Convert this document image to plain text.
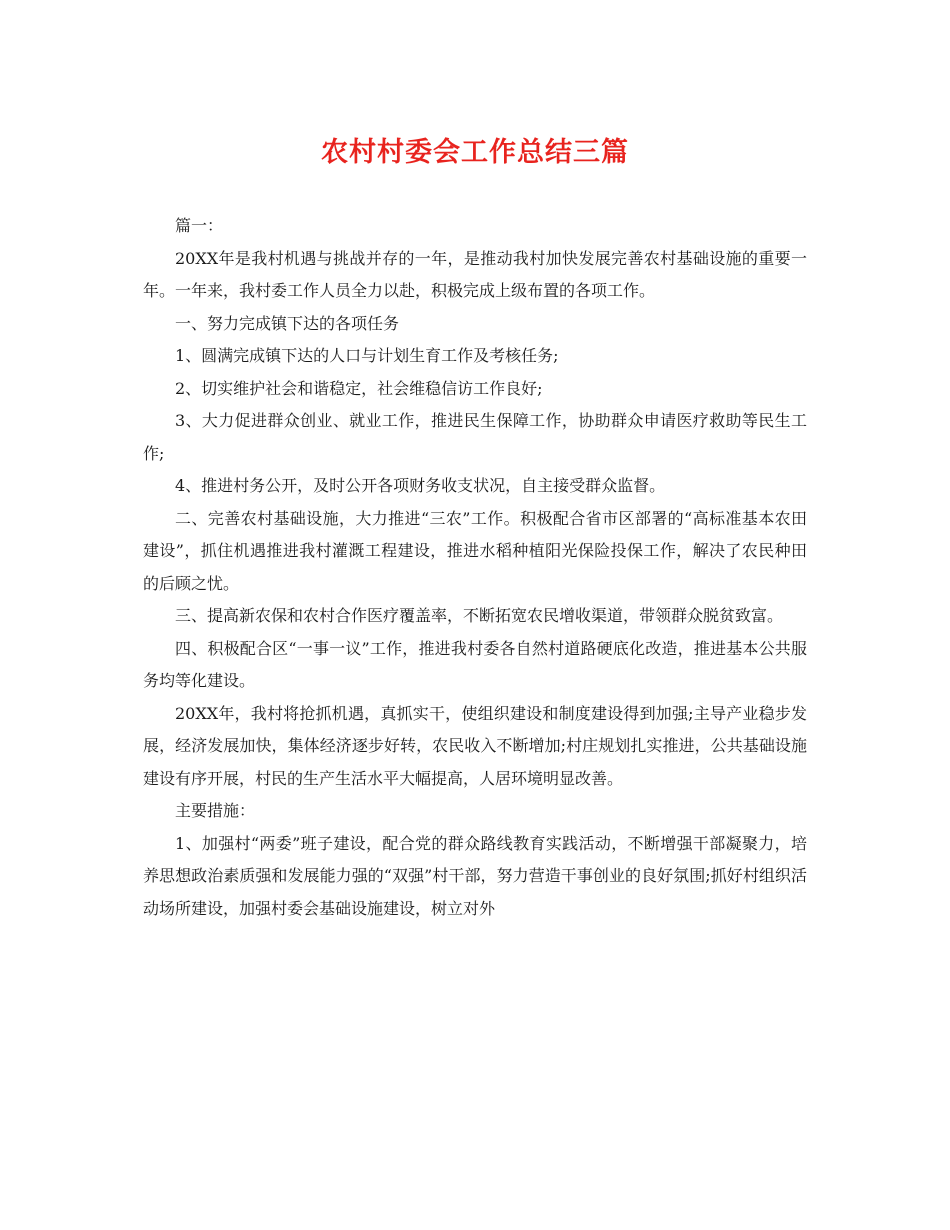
农村村委会工作总结三篇

篇一：

20XX年是我村机遇与挑战并存的一年，是推动我村加快发展完善农村基础设施的重要一年。一年来，我村委工作人员全力以赴，积极完成上级布置的各项工作。

一、努力完成镇下达的各项任务

1、圆满完成镇下达的人口与计划生育工作及考核任务;

2、切实维护社会和谐稳定，社会维稳信访工作良好;

3、大力促进群众创业、就业工作，推进民生保障工作，协助群众申请医疗救助等民生工作;

4、推进村务公开，及时公开各项财务收支状况，自主接受群众监督。

二、完善农村基础设施，大力推进“三农”工作。积极配合省市区部署的“高标准基本农田建设”，抓住机遇推进我村灌溉工程建设，推进水稻种植阳光保险投保工作，解决了农民种田的后顾之忧。

三、提高新农保和农村合作医疗覆盖率，不断拓宽农民增收渠道，带领群众脱贫致富。

四、积极配合区“一事一议”工作，推进我村委各自然村道路硬底化改造，推进基本公共服务均等化建设。

20XX年，我村将抢抓机遇，真抓实干，使组织建设和制度建设得到加强;主导产业稳步发展，经济发展加快，集体经济逐步好转，农民收入不断增加;村庄规划扎实推进，公共基础设施建设有序开展，村民的生产生活水平大幅提高，人居环境明显改善。

主要措施：

1、加强村“两委”班子建设，配合党的群众路线教育实践活动，不断增强干部凝聚力，培养思想政治素质强和发展能力强的“双强”村干部，努力营造干事创业的良好氛围;抓好村组织活动场所建设，加强村委会基础设施建设，树立对外
